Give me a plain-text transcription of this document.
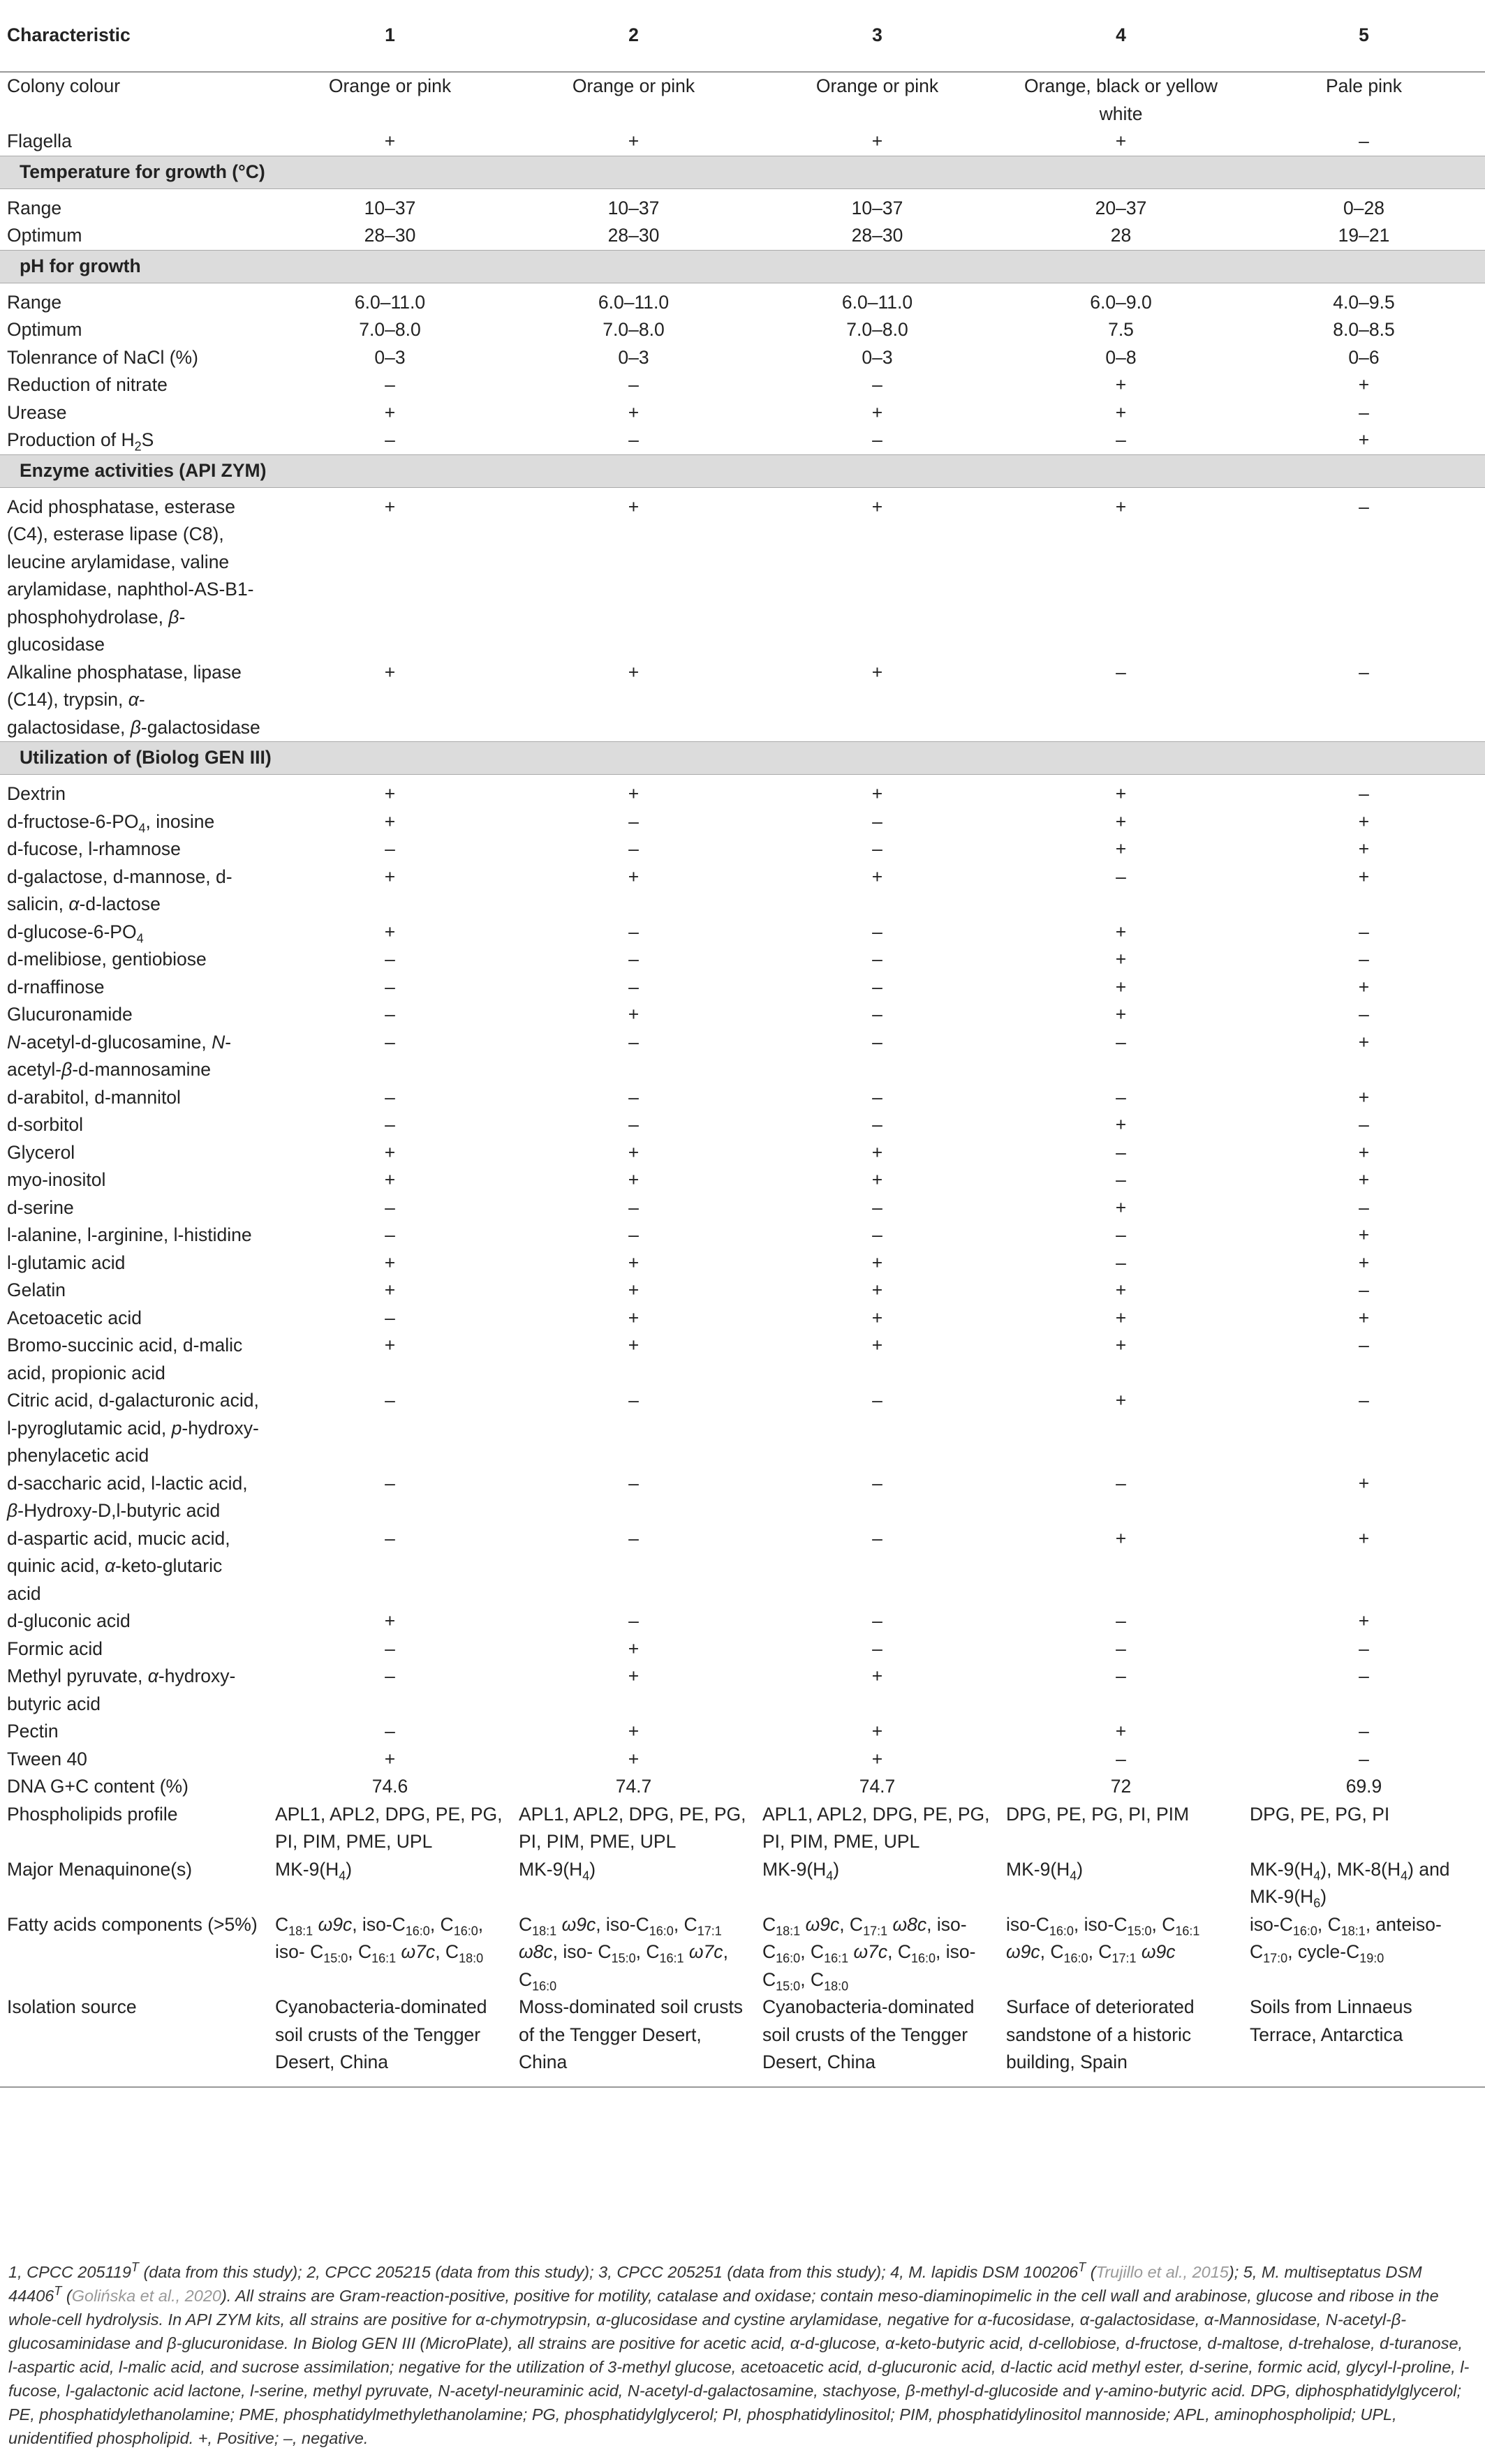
Characteristic	1	2	3	4	5
Colony colour	Orange or pink	Orange or pink	Orange or pink	Orange, black or yellow white	Pale pink
Flagella	+	+	+	+	–
Temperature for growth (°C)					
Range	10–37	10–37	10–37	20–37	0–28
Optimum	28–30	28–30	28–30	28	19–21
pH for growth					
Range	6.0–11.0	6.0–11.0	6.0–11.0	6.0–9.0	4.0–9.5
Optimum	7.0–8.0	7.0–8.0	7.0–8.0	7.5	8.0–8.5
Tolenrance of NaCl (%)	0–3	0–3	0–3	0–8	0–6
Reduction of nitrate	–	–	–	+	+
Urease	+	+	+	+	–
Production of $H_2S$	–	–	–	–	+
Enzyme activities (API ZYM)					
Acid phosphatase, esterase (C4), esterase lipase (C8), leucine arylamidase, valine arylamidase, naphthol-AS-B1-phosphohydrolase, β-glucosidase	+	+	+	+	–
Alkaline phosphatase, lipase (C14), trypsin, α-galactosidase, β-galactosidase	+	+	+	–	–
Utilization of (Biolog GEN III)					
Dextrin	+	+	+	+	–
$d-fructose-6-PO_4$, inosine	+	–	–	+	+
d-fucose, l-rhamnose	–	–	–	+	+
d-galactose, d-mannose, d-salicin, α-d-lactose	+	+	+	–	+
$d-glucose-6-PO_4$	+	–	–	+	–
d-melibiose, gentiobiose	–	–	–	+	–
d-rnaffinose	–	–	–	+	+
Glucuronamide	–	+	–	+	–
N-acetyl-d-glucosamine, N-acetyl-β-d-mannosamine	–	–	–	–	+
d-arabitol, d-mannitol	–	–	–	–	+
d-sorbitol	–	–	–	+	–
Glycerol	+	+	+	–	+
myo-inositol	+	+	+	–	+
d-serine	–	–	–	+	–
l-alanine, l-arginine, l-histidine	–	–	–	–	+
l-glutamic acid	+	+	+	–	+
Gelatin	+	+	+	+	–
Acetoacetic acid	–	+	+	+	+
Bromo-succinic acid, d-malic acid, propionic acid	+	+	+	+	–
Citric acid, d-galacturonic acid, l-pyroglutamic acid, p-hydroxy-phenylacetic acid	–	–	–	+	–
d-saccharic acid, l-lactic acid, β-Hydroxy-D,l-butyric acid	–	–	–	–	+
d-aspartic acid, mucic acid, quinic acid, α-keto-glutaric acid	–	–	–	+	+
d-gluconic acid	+	–	–	–	+
Formic acid	–	+	–	–	–
Methyl pyruvate, α-hydroxy-butyric acid	–	+	+	–	–
Pectin	–	+	+	+	–
Tween 40	+	+	+	–	–
DNA G+C content (%)	74.6	74.7	74.7	72	69.9
Phospholipids profile	APL1, APL2, DPG, PE, PG, PI, PIM, PME, UPL	APL1, APL2, DPG, PE, PG, PI, PIM, PME, UPL	APL1, APL2, DPG, PE, PG, PI, PIM, PME, UPL	DPG, PE, PG, PI, PIM	DPG, PE, PG, PI
Major Menaquinone(s)	$MK-9(H_4)$	$MK-9(H_4)$	$MK-9(H_4)$	$MK-9(H_4)$	$MK-9(H_4)$, $MK-8(H_4)$ and $MK-9(H_6)$
Fatty acids components (>5%)	$C_{18:1}$ ω9c, iso-$C_{16:0}$, $C_{16:0}$, iso- $C_{15:0}$, $C_{16:1}$ ω7c, $C_{18:0}$	$C_{18:1}$ ω9c, iso-$C_{16:0}$, $C_{17:1}$ ω8c, iso- $C_{15:0}$, $C_{16:1}$ ω7c, $C_{16:0}$	$C_{18:1}$ ω9c, $C_{17:1}$ ω8c, iso-$C_{16:0}$, $C_{16:1}$ ω7c, $C_{16:0}$, iso- $C_{15:0}$, $C_{18:0}$	iso-$C_{16:0}$, iso-$C_{15:0}$, $C_{16:1}$ ω9c, $C_{16:0}$, $C_{17:1}$ ω9c	iso-$C_{16:0}$, $C_{18:1}$, anteiso-$C_{17:0}$, cycle-$C_{19:0}$
Isolation source	Cyanobacteria-dominated soil crusts of the Tengger Desert, China	Moss-dominated soil crusts of the Tengger Desert, China	Cyanobacteria-dominated soil crusts of the Tengger Desert, China	Surface of deteriorated sandstone of a historic building, Spain	Soils from Linnaeus Terrace, Antarctica
1, CPCC $205119^T$ (data from this study); 2, CPCC 205215 (data from this study); 3, CPCC 205251 (data from this study); 4, M. lapidis DSM $100206^T$ (Trujillo et al., 2015); 5, M. multiseptatus DSM $44406^T$ (Golińska et al., 2020). All strains are Gram-reaction-positive, positive for motility, catalase and oxidase; contain meso-diaminopimelic in the cell wall and arabinose, glucose and ribose in the whole-cell hydrolysis. In API ZYM kits, all strains are positive for α-chymotrypsin, α-glucosidase and cystine arylamidase, negative for α-fucosidase, α-galactosidase, α-Mannosidase, N-acetyl-β-glucosaminidase and β-glucuronidase. In Biolog GEN III (MicroPlate), all strains are positive for acetic acid, α-d-glucose, α-keto-butyric acid, d-cellobiose, d-fructose, d-maltose, d-trehalose, d-turanose, l-aspartic acid, l-malic acid, and sucrose assimilation; negative for the utilization of 3-methyl glucose, acetoacetic acid, d-glucuronic acid, d-lactic acid methyl ester, d-serine, formic acid, glycyl-l-proline, l-fucose, l-galactonic acid lactone, l-serine, methyl pyruvate, N-acetyl-neuraminic acid, N-acetyl-d-galactosamine, stachyose, β-methyl-d-glucoside and γ-amino-butyric acid. DPG, diphosphatidylglycerol; PE, phosphatidylethanolamine; PME, phosphatidylmethylethanolamine; PG, phosphatidylglycerol; PI, phosphatidylinositol; PIM, phosphatidylinositol mannoside; APL, aminophospholipid; UPL, unidentified phospholipid. +, Positive; –, negative.
